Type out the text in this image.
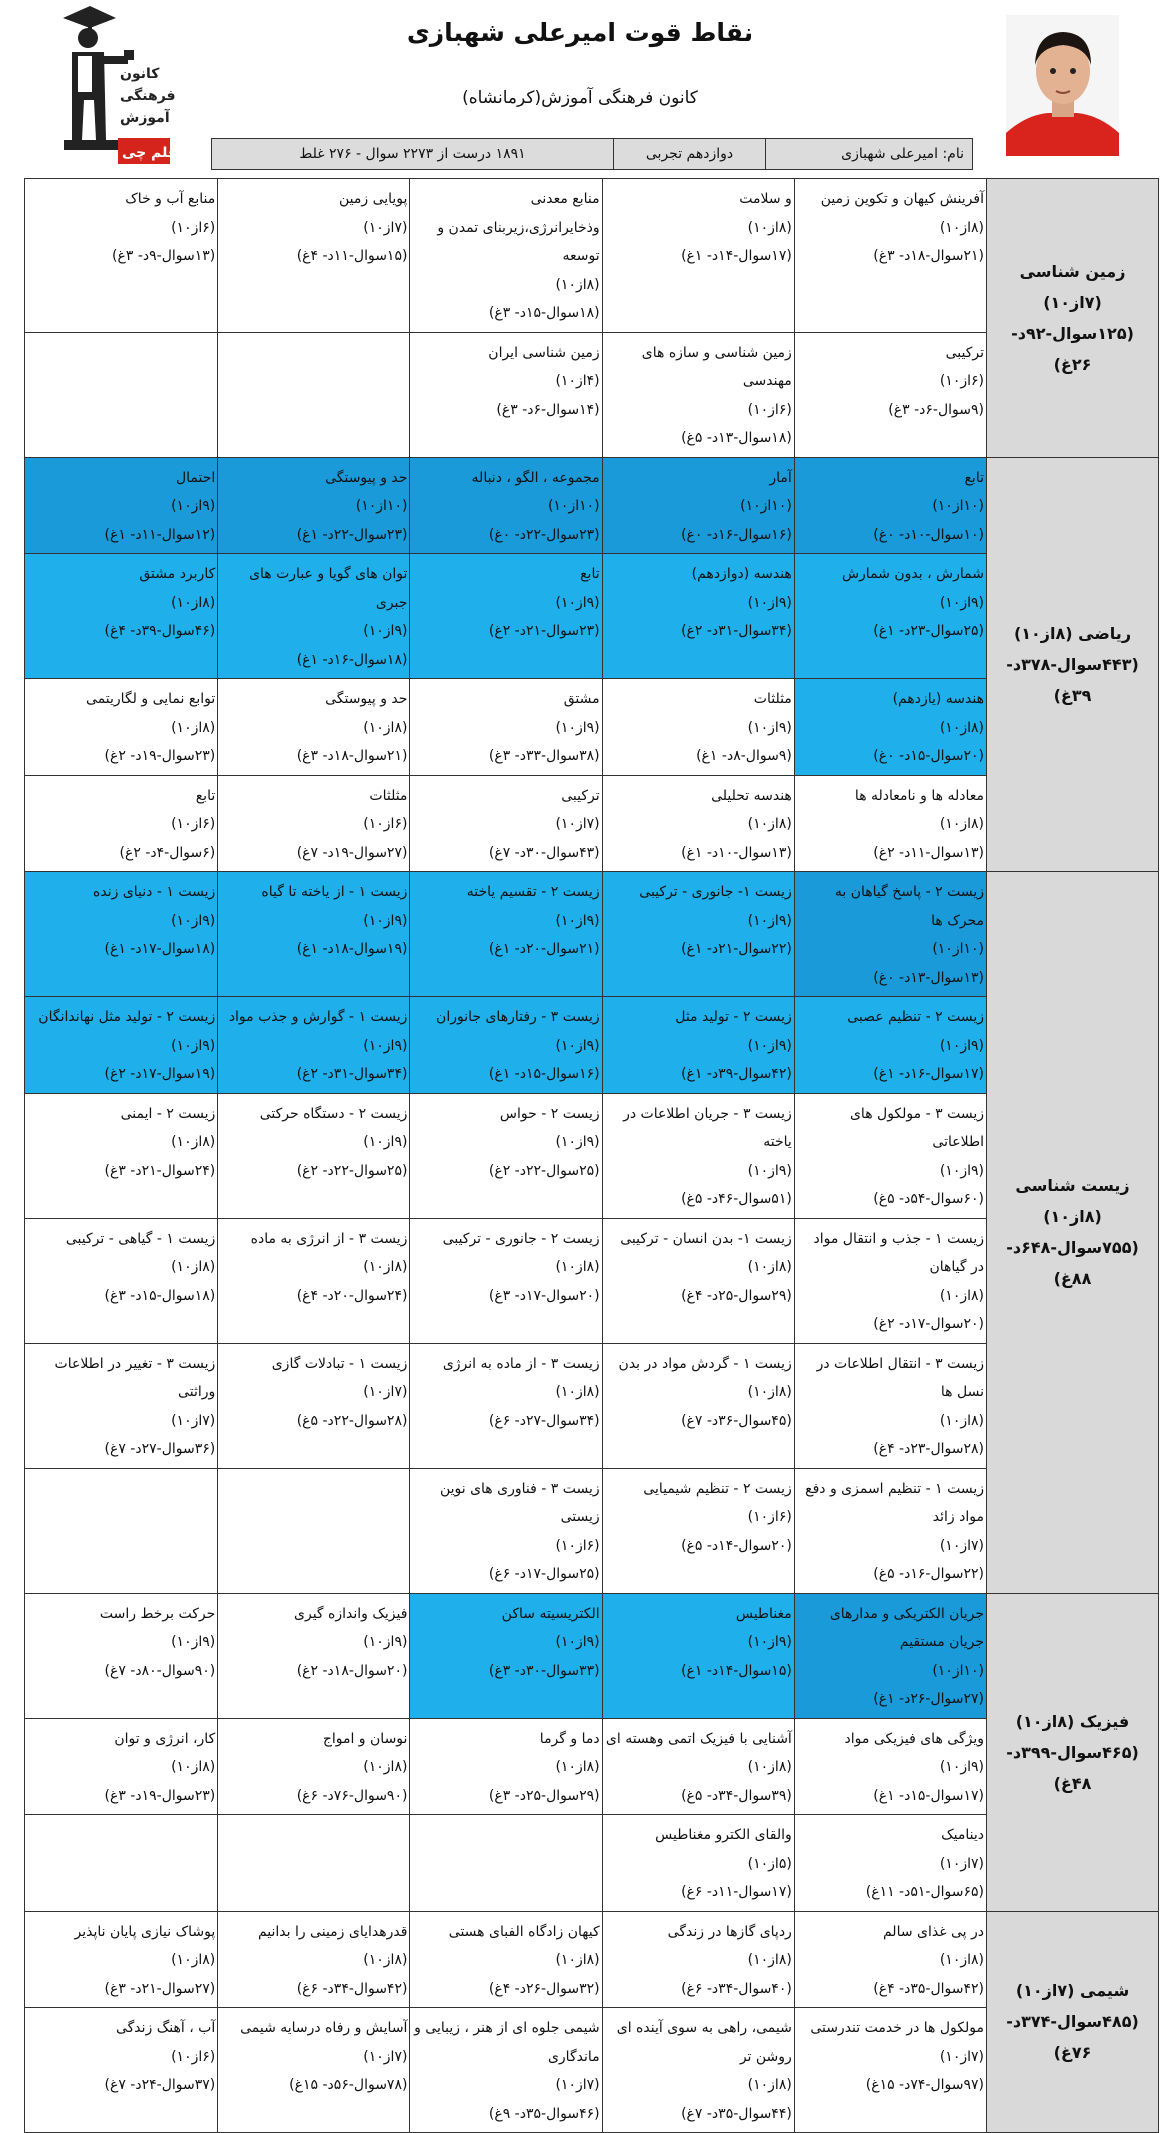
کانون
فرهنگی
آموزش
قلم چی
نقاط قوت امیرعلی شهبازی
کانون فرهنگی آموزش(کرمانشاه)
نام: امیرعلی شهبازی
دوازدهم تجربی
۱۸۹۱ درست از ۲۲۷۳ سوال - ۲۷۶ غلط
زمین شناسی (۷از۱۰) (۱۲۵سوال-۹۲د- ۲۶غ)
آفرینش کیهان و تکوین زمین
(۸از۱۰)
(۲۱سوال-۱۸د- ۳غ)
و سلامت
(۸از۱۰)
(۱۷سوال-۱۴د- ۱غ)
منابع معدنی وذخایرانرژی،زیربنای تمدن و توسعه
(۸از۱۰)
(۱۸سوال-۱۵د- ۳غ)
پویایی زمین
(۷از۱۰)
(۱۵سوال-۱۱د- ۴غ)
منابع آب و خاک
(۶از۱۰)
(۱۳سوال-۹د- ۳غ)
ترکیبی
(۶از۱۰)
(۹سوال-۶د- ۳غ)
زمین شناسی و سازه های مهندسی
(۶از۱۰)
(۱۸سوال-۱۳د- ۵غ)
زمین شناسی ایران
(۴از۱۰)
(۱۴سوال-۶د- ۳غ)
ریاضی (۸از۱۰) (۴۴۳سوال-۳۷۸د- ۳۹غ)
تابع
(۱۰از۱۰)
(۱۰سوال-۱۰د- ۰غ)
آمار
(۱۰از۱۰)
(۱۶سوال-۱۶د- ۰غ)
مجموعه ، الگو ، دنباله
(۱۰از۱۰)
(۲۳سوال-۲۲د- ۰غ)
حد و پیوستگی
(۱۰از۱۰)
(۲۳سوال-۲۲د- ۱غ)
احتمال
(۹از۱۰)
(۱۲سوال-۱۱د- ۱غ)
شمارش ، بدون شمارش
(۹از۱۰)
(۲۵سوال-۲۳د- ۱غ)
هندسه (دوازدهم)
(۹از۱۰)
(۳۴سوال-۳۱د- ۲غ)
تابع
(۹از۱۰)
(۲۳سوال-۲۱د- ۲غ)
توان های گویا و عبارت های جبری
(۹از۱۰)
(۱۸سوال-۱۶د- ۱غ)
کاربرد مشتق
(۸از۱۰)
(۴۶سوال-۳۹د- ۴غ)
هندسه (یازدهم)
(۸از۱۰)
(۲۰سوال-۱۵د- ۰غ)
مثلثات
(۹از۱۰)
(۹سوال-۸د- ۱غ)
مشتق
(۹از۱۰)
(۳۸سوال-۳۳د- ۳غ)
حد و پیوستگی
(۸از۱۰)
(۲۱سوال-۱۸د- ۳غ)
توابع نمایی و لگاریتمی
(۸از۱۰)
(۲۳سوال-۱۹د- ۲غ)
معادله ها و نامعادله ها
(۸از۱۰)
(۱۳سوال-۱۱د- ۲غ)
هندسه تحلیلی
(۸از۱۰)
(۱۳سوال-۱۰د- ۱غ)
ترکیبی
(۷از۱۰)
(۴۳سوال-۳۰د- ۷غ)
مثلثات
(۶از۱۰)
(۲۷سوال-۱۹د- ۷غ)
تابع
(۶از۱۰)
(۶سوال-۴د- ۲غ)
زیست شناسی (۸از۱۰) (۷۵۵سوال-۶۴۸د- ۸۸غ)
زیست ۲ - پاسخ گیاهان به محرک ها
(۱۰از۱۰)
(۱۳سوال-۱۳د- ۰غ)
زیست ۱- جانوری - ترکیبی
(۹از۱۰)
(۲۲سوال-۲۱د- ۱غ)
زیست ۲ - تقسیم یاخته
(۹از۱۰)
(۲۱سوال-۲۰د- ۱غ)
زیست ۱ - از یاخته تا گیاه
(۹از۱۰)
(۱۹سوال-۱۸د- ۱غ)
زیست ۱ - دنیای زنده
(۹از۱۰)
(۱۸سوال-۱۷د- ۱غ)
زیست ۲ - تنظیم عصبی
(۹از۱۰)
(۱۷سوال-۱۶د- ۱غ)
زیست ۲ - تولید مثل
(۹از۱۰)
(۴۲سوال-۳۹د- ۱غ)
زیست ۳ - رفتارهای جانوران
(۹از۱۰)
(۱۶سوال-۱۵د- ۱غ)
زیست ۱ - گوارش و جذب مواد
(۹از۱۰)
(۳۴سوال-۳۱د- ۲غ)
زیست ۲ - تولید مثل نهاندانگان
(۹از۱۰)
(۱۹سوال-۱۷د- ۲غ)
زیست ۳ - مولکول های اطلاعاتی
(۹از۱۰)
(۶۰سوال-۵۴د- ۵غ)
زیست ۳ - جریان اطلاعات در یاخته
(۹از۱۰)
(۵۱سوال-۴۶د- ۵غ)
زیست ۲ - حواس
(۹از۱۰)
(۲۵سوال-۲۲د- ۲غ)
زیست ۲ - دستگاه حرکتی
(۹از۱۰)
(۲۵سوال-۲۲د- ۲غ)
زیست ۲ - ایمنی
(۸از۱۰)
(۲۴سوال-۲۱د- ۳غ)
زیست ۱ - جذب و انتقال مواد در گیاهان
(۸از۱۰)
(۲۰سوال-۱۷د- ۲غ)
زیست ۱- بدن انسان - ترکیبی
(۸از۱۰)
(۲۹سوال-۲۵د- ۴غ)
زیست ۲ - جانوری - ترکیبی
(۸از۱۰)
(۲۰سوال-۱۷د- ۳غ)
زیست ۳ - از انرژی به ماده
(۸از۱۰)
(۲۴سوال-۲۰د- ۴غ)
زیست ۱ - گیاهی - ترکیبی
(۸از۱۰)
(۱۸سوال-۱۵د- ۳غ)
زیست ۳ - انتقال اطلاعات در نسل ها
(۸از۱۰)
(۲۸سوال-۲۳د- ۴غ)
زیست ۱ - گردش مواد در بدن
(۸از۱۰)
(۴۵سوال-۳۶د- ۷غ)
زیست ۳ - از ماده به انرژی
(۸از۱۰)
(۳۴سوال-۲۷د- ۶غ)
زیست ۱ - تبادلات گازی
(۷از۱۰)
(۲۸سوال-۲۲د- ۵غ)
زیست ۳ - تغییر در اطلاعات وراثتی
(۷از۱۰)
(۳۶سوال-۲۷د- ۷غ)
زیست ۱ - تنظیم اسمزی و دفع مواد زائد
(۷از۱۰)
(۲۲سوال-۱۶د- ۵غ)
زیست ۲ - تنظیم شیمیایی
(۶از۱۰)
(۲۰سوال-۱۴د- ۵غ)
زیست ۳ - فناوری های نوین زیستی
(۶از۱۰)
(۲۵سوال-۱۷د- ۶غ)
فیزیک (۸از۱۰) (۴۶۵سوال-۳۹۹د- ۴۸غ)
جریان الکتریکی و مدارهای جریان مستقیم
(۱۰از۱۰)
(۲۷سوال-۲۶د- ۱غ)
مغناطیس
(۹از۱۰)
(۱۵سوال-۱۴د- ۱غ)
الکتریسیته ساکن
(۹از۱۰)
(۳۳سوال-۳۰د- ۳غ)
فیزیک واندازه گیری
(۹از۱۰)
(۲۰سوال-۱۸د- ۲غ)
حرکت برخط راست
(۹از۱۰)
(۹۰سوال-۸۰د- ۷غ)
ویژگی های فیزیکی مواد
(۹از۱۰)
(۱۷سوال-۱۵د- ۱غ)
آشنایی با فیزیک اتمی وهسته ای
(۸از۱۰)
(۳۹سوال-۳۴د- ۵غ)
دما و گرما
(۸از۱۰)
(۲۹سوال-۲۵د- ۳غ)
نوسان و امواج
(۸از۱۰)
(۹۰سوال-۷۶د- ۶غ)
کار، انرژی و توان
(۸از۱۰)
(۲۳سوال-۱۹د- ۳غ)
دینامیک
(۷از۱۰)
(۶۵سوال-۵۱د- ۱۱غ)
والقای الکترو مغناطیس
(۵از۱۰)
(۱۷سوال-۱۱د- ۶غ)
شیمی (۷از۱۰) (۴۸۵سوال-۳۷۴د- ۷۶غ)
در پی غذای سالم
(۸از۱۰)
(۴۲سوال-۳۵د- ۴غ)
ردپای گازها در زندگی
(۸از۱۰)
(۴۰سوال-۳۴د- ۶غ)
کیهان زادگاه الفبای هستی
(۸از۱۰)
(۳۲سوال-۲۶د- ۴غ)
قدرهدایای زمینی را بدانیم
(۸از۱۰)
(۴۲سوال-۳۴د- ۶غ)
پوشاک نیازی پایان ناپذیر
(۸از۱۰)
(۲۷سوال-۲۱د- ۳غ)
مولکول ها در خدمت تندرستی
(۷از۱۰)
(۹۷سوال-۷۴د- ۱۵غ)
شیمی، راهی به سوی آینده ای روشن تر
(۸از۱۰)
(۴۴سوال-۳۵د- ۷غ)
شیمی جلوه ای از هنر ، زیبایی و ماندگاری
(۷از۱۰)
(۴۶سوال-۳۵د- ۹غ)
آسایش و رفاه درسایه شیمی
(۷از۱۰)
(۷۸سوال-۵۶د- ۱۵غ)
آب ، آهنگ زندگی
(۶از۱۰)
(۳۷سوال-۲۴د- ۷غ)
